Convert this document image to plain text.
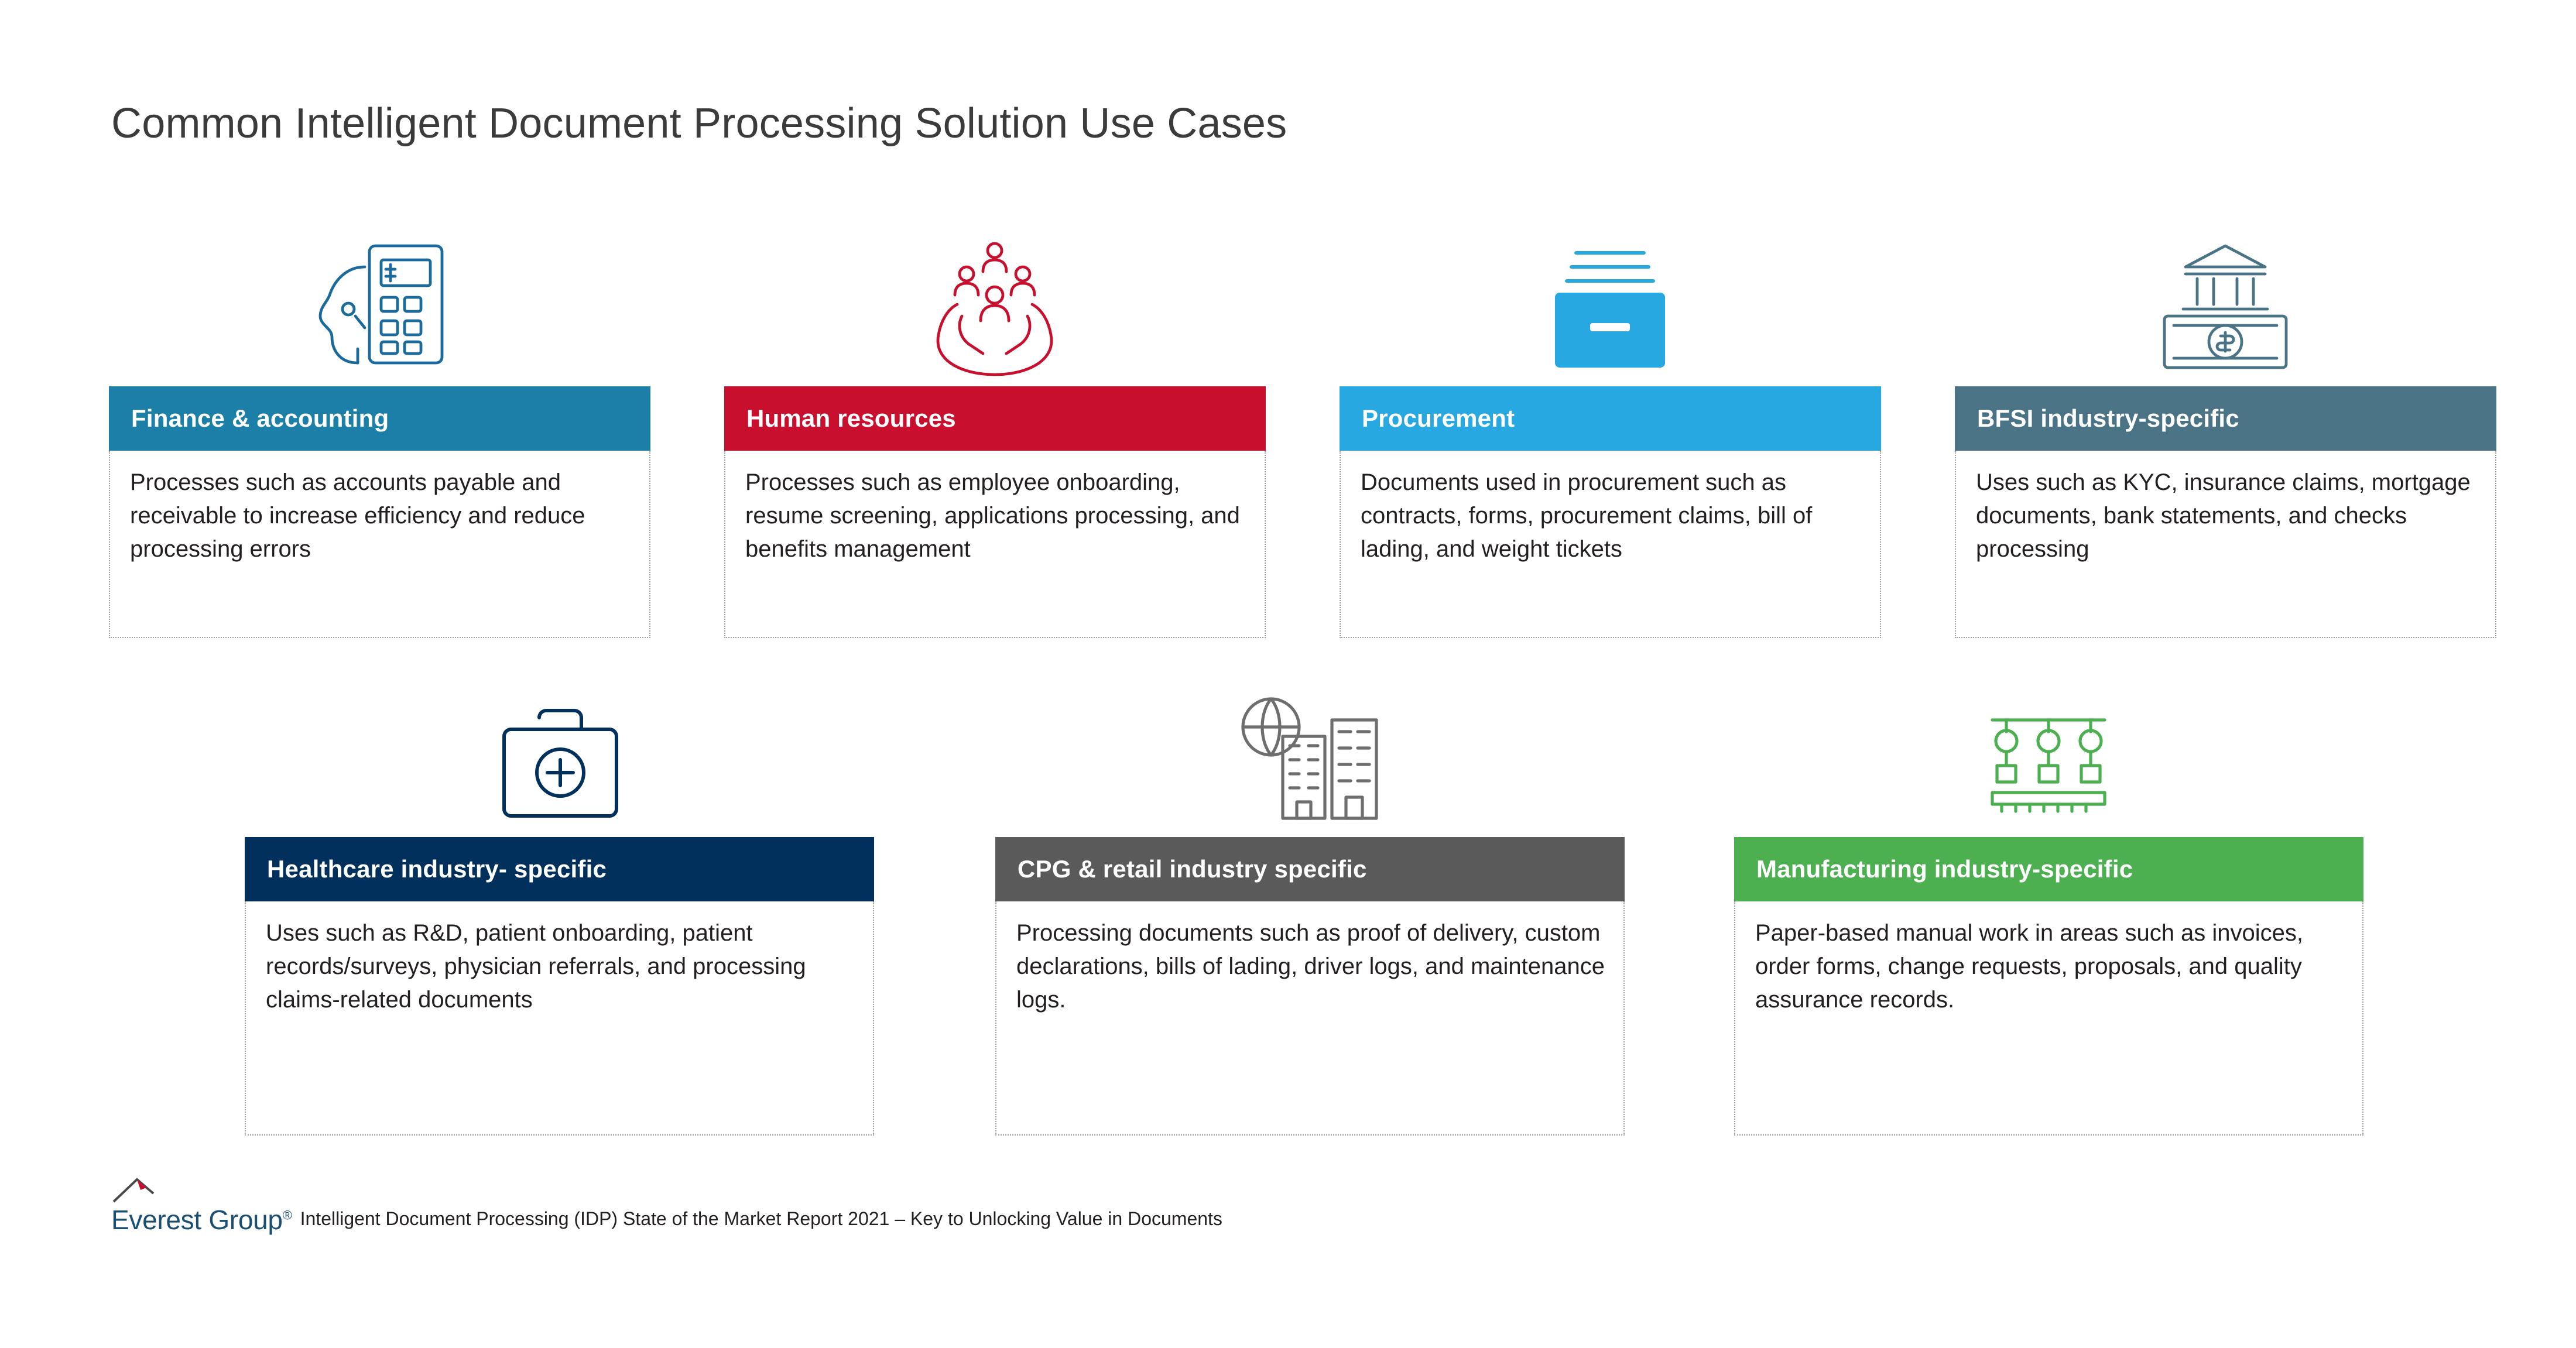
Common Intelligent Document Processing Solution Use Cases
Finance & accounting
Processes such as accounts payable and receivable to increase efficiency and reduce processing errors
Human resources
Processes such as employee onboarding, resume screening, applications processing, and benefits management
Procurement
Documents used in procurement such as contracts, forms, procurement claims, bill of lading, and weight tickets
BFSI industry-specific
Uses such as KYC, insurance claims, mortgage documents, bank statements, and checks processing
Healthcare industry- specific
Uses such as R&D, patient onboarding, patient records/surveys, physician referrals, and processing claims-related documents
CPG & retail industry specific
Processing documents such as proof of delivery, custom declarations, bills of lading, driver logs, and maintenance logs.
Manufacturing industry-specific
Paper-based manual work in areas such as invoices, order forms, change requests, proposals, and quality assurance records.
Everest Group® Intelligent Document Processing (IDP) State of the Market Report 2021 – Key to Unlocking Value in Documents
